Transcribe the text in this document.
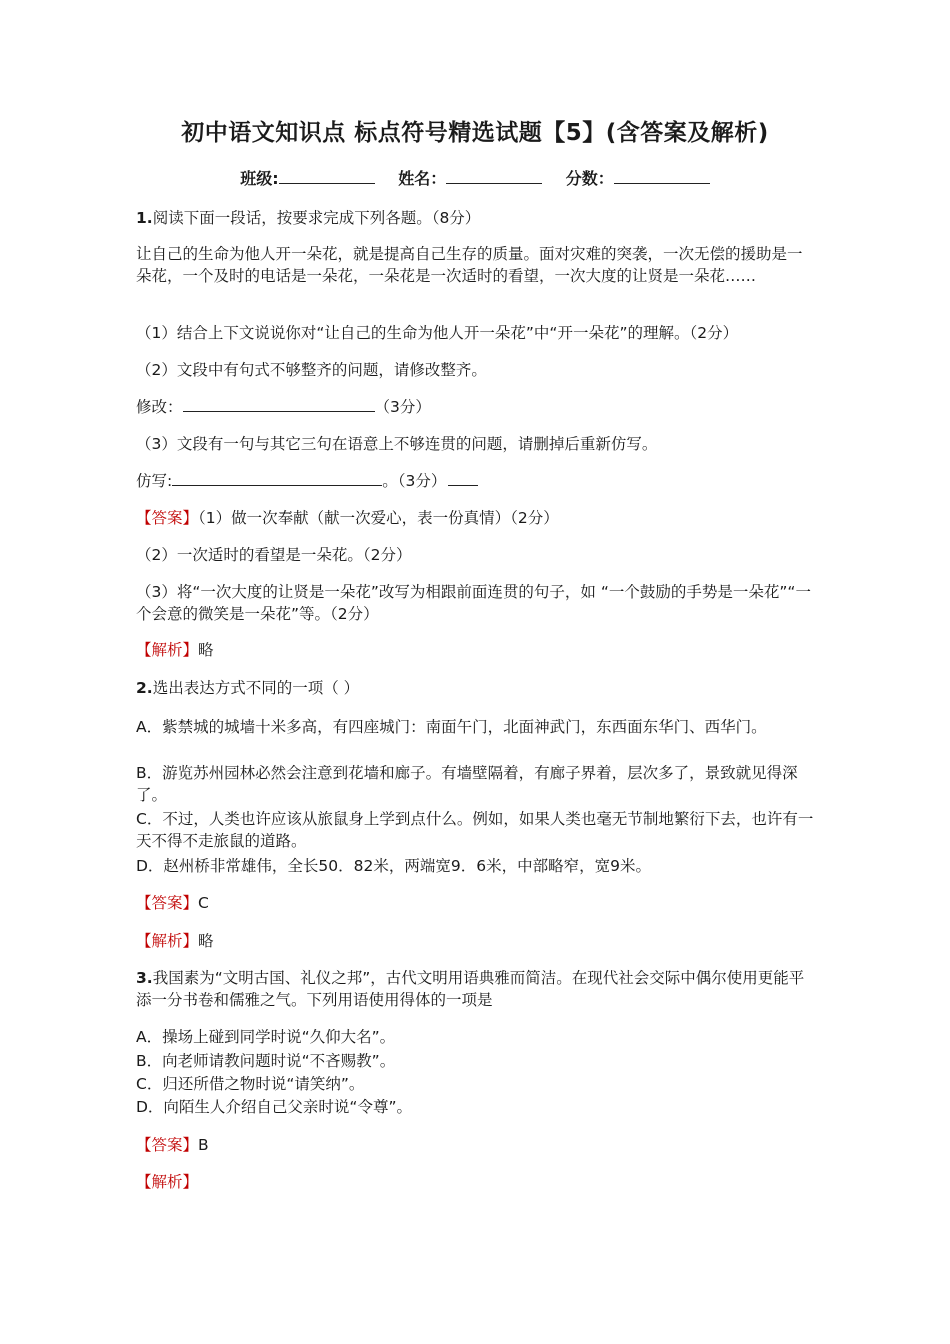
初中语文知识点 标点符号精选试题【5】(含答案及解析)
班级:	姓名：	分数：
1.阅读下面一段话，按要求完成下列各题。（8分）
让自己的生命为他人开一朵花，就是提高自己生存的质量。面对灾难的突袭，一次无偿的援助是一朵花，一个及时的电话是一朵花，一朵花是一次适时的看望，一次大度的让贤是一朵花……
（1）结合上下文说说你对“让自己的生命为他人开一朵花”中“开一朵花”的理解。（2分）
（2）文段中有句式不够整齐的问题，请修改整齐。
修改：	（3分）
（3）文段有一句与其它三句在语意上不够连贯的问题，请删掉后重新仿写。
仿写:	。（3分）
【答案】（1）做一次奉献（献一次爱心，表一份真情）（2分）
（2）一次适时的看望是一朵花。（2分）
（3）将“一次大度的让贤是一朵花”改写为相跟前面连贯的句子，如 “一个鼓励的手势是一朵花”“一个会意的微笑是一朵花”等。（2分）
【解析】略
2.选出表达方式不同的一项（ ）
A．紫禁城的城墙十米多高，有四座城门：南面午门，北面神武门，东西面东华门、西华门。
B．游览苏州园林必然会注意到花墙和廊子。有墙壁隔着，有廊子界着，层次多了，景致就见得深了。
C．不过，人类也许应该从旅鼠身上学到点什么。例如，如果人类也毫无节制地繁衍下去，也许有一天不得不走旅鼠的道路。
D．赵州桥非常雄伟，全长50．82米，两端宽9．6米，中部略窄，宽9米。
【答案】C
【解析】略
3.我国素为“文明古国、礼仪之邦”，古代文明用语典雅而简洁。在现代社会交际中偶尔使用更能平添一分书卷和儒雅之气。下列用语使用得体的一项是
A．操场上碰到同学时说“久仰大名”。
B．向老师请教问题时说“不吝赐教”。
C．归还所借之物时说“请笑纳”。
D．向陌生人介绍自己父亲时说“令尊”。
【答案】B
【解析】
